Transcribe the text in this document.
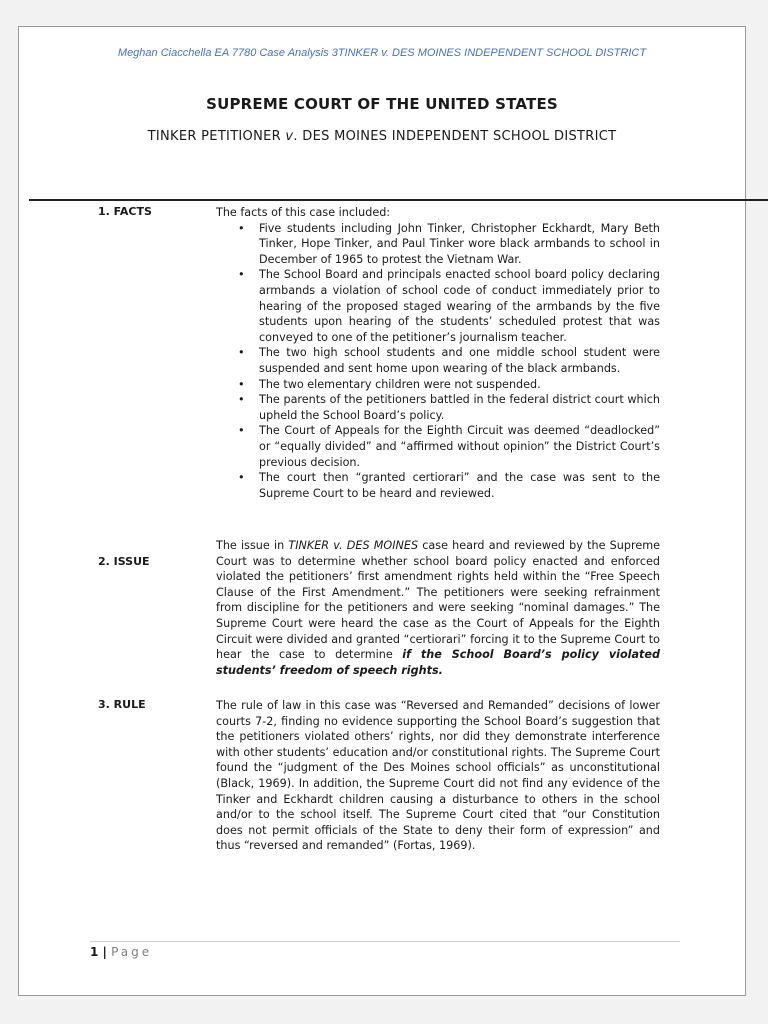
Meghan Ciacchella EA 7780 Case Analysis 3TINKER v. DES MOINES INDEPENDENT SCHOOL DISTRICT
SUPREME COURT OF THE UNITED STATES
TINKER PETITIONER v. DES MOINES INDEPENDENT SCHOOL DISTRICT
1. FACTS	The facts of this case included:

• Five students including John Tinker, Christopher Eckhardt, Mary Beth Tinker, Hope Tinker, and Paul Tinker wore black armbands to school in December of 1965 to protest the Vietnam War.
• The School Board and principals enacted school board policy declaring armbands a violation of school code of conduct immediately prior to hearing of the proposed staged wearing of the armbands by the five students upon hearing of the students’ scheduled protest that was conveyed to one of the petitioner’s journalism teacher.
• The two high school students and one middle school student were suspended and sent home upon wearing of the black armbands.
• The two elementary children were not suspended.
• The parents of the petitioners battled in the federal district court which upheld the School Board’s policy.
• The Court of Appeals for the Eighth Circuit was deemed “deadlocked” or “equally divided” and “affirmed without opinion” the District Court’s previous decision.
• The court then “granted certiorari” and the case was sent to the Supreme Court to be heard and reviewed.
2. ISSUE

The issue in TINKER v. DES MOINES case heard and reviewed by the Supreme Court was to determine whether school board policy enacted and enforced violated the petitioners’ first amendment rights held within the “Free Speech Clause of the First Amendment.” The petitioners were seeking refrainment from discipline for the petitioners and were seeking “nominal damages.” The Supreme Court were heard the case as the Court of Appeals for the Eighth Circuit were divided and granted “certiorari” forcing it to the Supreme Court to hear the case to determine if the School Board’s policy violated students’ freedom of speech rights.

3. RULE	The rule of law in this case was “Reversed and Remanded” decisions of lower courts 7-2, finding no evidence supporting the School Board’s suggestion that the petitioners violated others’ rights, nor did they demonstrate interference with other students’ education and/or constitutional rights. The Supreme Court found the “judgment of the Des Moines school officials” as unconstitutional (Black, 1969). In addition, the Supreme Court did not find any evidence of the Tinker and Eckhardt children causing a disturbance to others in the school and/or to the school itself. The Supreme Court cited that “our Constitution does not permit officials of the State to deny their form of expression” and thus “reversed and remanded” (Fortas, 1969).

1 | Page
